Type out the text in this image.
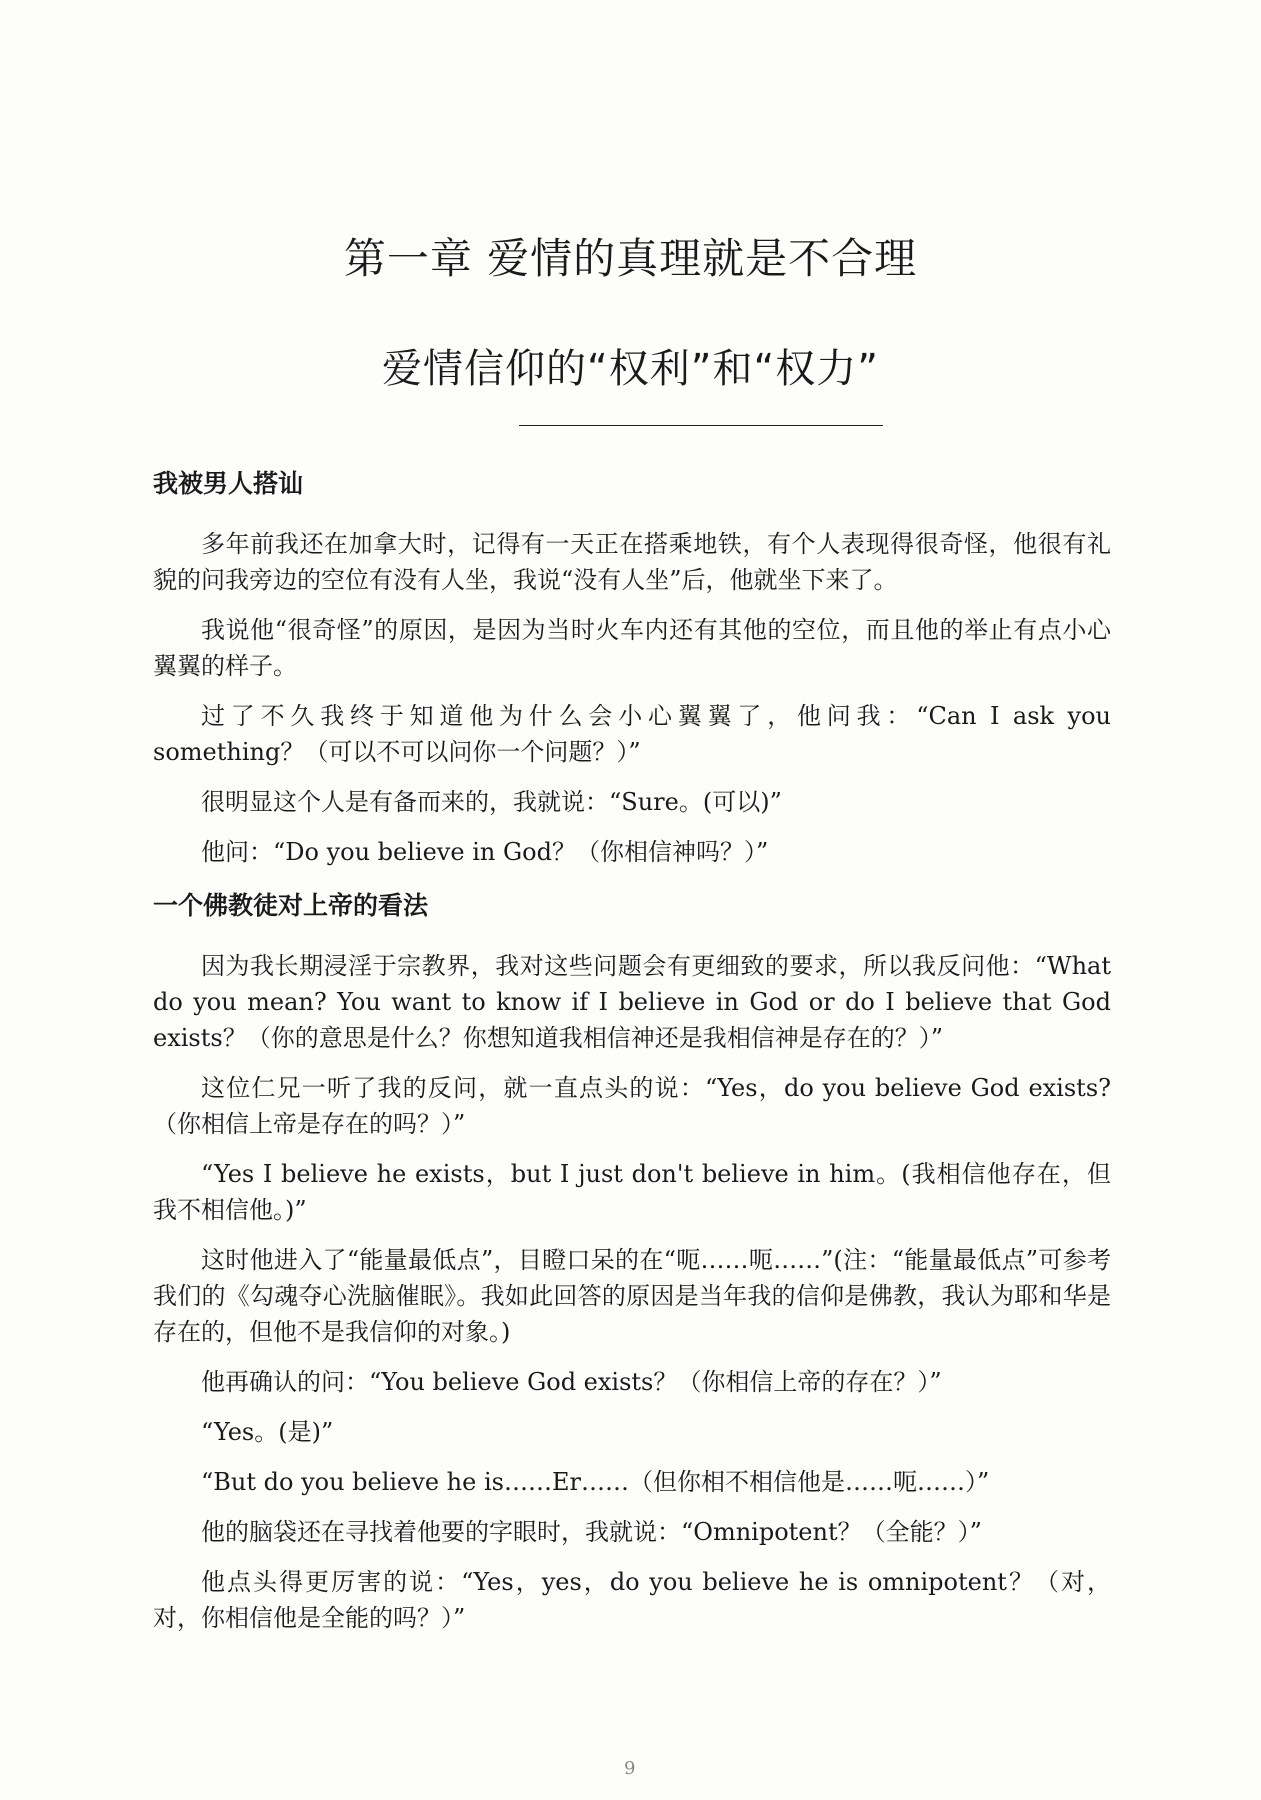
第一章 爱情的真理就是不合理
爱情信仰的“权利”和“权力”
我被男人搭讪

多年前我还在加拿大时，记得有一天正在搭乘地铁，有个人表现得很奇怪，他很有礼貌的问我旁边的空位有没有人坐，我说“没有人坐”后，他就坐下来了。

我说他“很奇怪”的原因，是因为当时火车内还有其他的空位，而且他的举止有点小心翼翼的样子。

过了不久我终于知道他为什么会小心翼翼了，他问我：“Can I ask you something？（可以不可以问你一个问题？）”

很明显这个人是有备而来的，我就说：“Sure。(可以)”

他问：“Do you believe in God？（你相信神吗？）”

一个佛教徒对上帝的看法

因为我长期浸淫于宗教界，我对这些问题会有更细致的要求，所以我反问他：“What do you mean? You want to know if I believe in God or do I believe that God exists？（你的意思是什么？你想知道我相信神还是我相信神是存在的？）”

这位仁兄一听了我的反问，就一直点头的说：“Yes，do you believe God exists?（你相信上帝是存在的吗？）”

“Yes I believe he exists，but I just don't believe in him。(我相信他存在，但我不相信他。)”

这时他进入了“能量最低点”，目瞪口呆的在“呃……呃……”(注：“能量最低点”可参考我们的《勾魂夺心洗脑催眠》。我如此回答的原因是当年我的信仰是佛教，我认为耶和华是存在的，但他不是我信仰的对象。)

他再确认的问：“You believe God exists？（你相信上帝的存在？）”

“Yes。(是)”

“But do you believe he is……Er……（但你相不相信他是……呃……）”

他的脑袋还在寻找着他要的字眼时，我就说：“Omnipotent？（全能？）”

他点头得更厉害的说：“Yes，yes，do you believe he is omnipotent？（对，对，你相信他是全能的吗？）”

9
